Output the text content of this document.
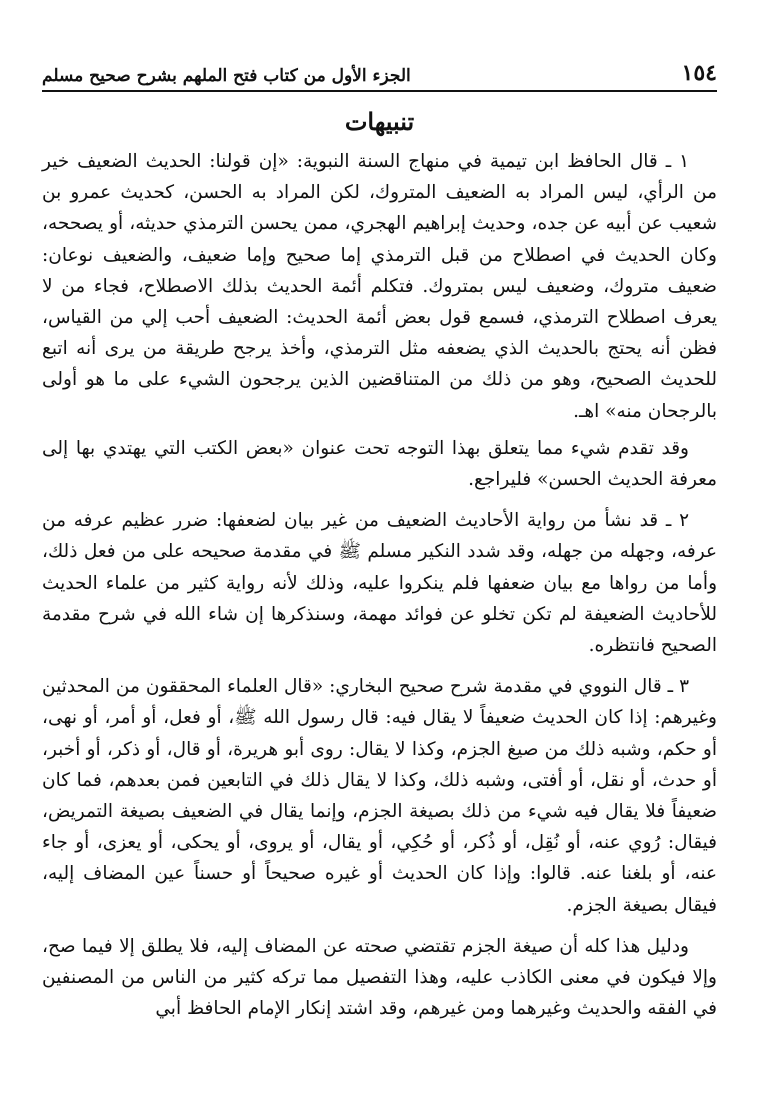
١٥٤
الجزء الأول من كتاب فتح الملهم بشرح صحيح مسلم
تنبيهات

١ ـ قال الحافظ ابن تيمية في منهاج السنة النبوية: «إن قولنا: الحديث الضعيف خير من الرأي، ليس المراد به الضعيف المتروك، لكن المراد به الحسن، كحديث عمرو بن شعيب عن أبيه عن جده، وحديث إبراهيم الهجري، ممن يحسن الترمذي حديثه، أو يصححه، وكان الحديث في اصطلاح من قبل الترمذي إما صحيح وإما ضعيف، والضعيف نوعان: ضعيف متروك، وضعيف ليس بمتروك. فتكلم أئمة الحديث بذلك الاصطلاح، فجاء من لا يعرف اصطلاح الترمذي، فسمع قول بعض أئمة الحديث: الضعيف أحب إلي من القياس، فظن أنه يحتج بالحديث الذي يضعفه مثل الترمذي، وأخذ يرجح طريقة من يرى أنه اتبع للحديث الصحيح، وهو من ذلك من المتناقضين الذين يرجحون الشيء على ما هو أولى بالرجحان منه» اهـ.

وقد تقدم شيء مما يتعلق بهذا التوجه تحت عنوان «بعض الكتب التي يهتدي بها إلى معرفة الحديث الحسن» فليراجع.

٢ ـ قد نشأ من رواية الأحاديث الضعيف من غير بيان لضعفها: ضرر عظيم عرفه من عرفه، وجهله من جهله، وقد شدد النكير مسلم ﷺ في مقدمة صحيحه على من فعل ذلك، وأما من رواها مع بيان ضعفها فلم ينكروا عليه، وذلك لأنه رواية كثير من علماء الحديث للأحاديث الضعيفة لم تكن تخلو عن فوائد مهمة، وسنذكرها إن شاء الله في شرح مقدمة الصحيح فانتظره.

٣ ـ قال النووي في مقدمة شرح صحيح البخاري: «قال العلماء المحققون من المحدثين وغيرهم: إذا كان الحديث ضعيفاً لا يقال فيه: قال رسول الله ﷺ، أو فعل، أو أمر، أو نهى، أو حكم، وشبه ذلك من صيغ الجزم، وكذا لا يقال: روى أبو هريرة، أو قال، أو ذكر، أو أخبر، أو حدث، أو نقل، أو أفتى، وشبه ذلك، وكذا لا يقال ذلك في التابعين فمن بعدهم، فما كان ضعيفاً فلا يقال فيه شيء من ذلك بصيغة الجزم، وإنما يقال في الضعيف بصيغة التمريض، فيقال: رُوي عنه، أو نُقِل، أو ذُكر، أو حُكِي، أو يقال، أو يروى، أو يحكى، أو يعزى، أو جاء عنه، أو بلغنا عنه. قالوا: وإذا كان الحديث أو غيره صحيحاً أو حسناً عين المضاف إليه، فيقال بصيغة الجزم.

ودليل هذا كله أن صيغة الجزم تقتضي صحته عن المضاف إليه، فلا يطلق إلا فيما صح، وإلا فيكون في معنى الكاذب عليه، وهذا التفصيل مما تركه كثير من الناس من المصنفين في الفقه والحديث وغيرهما ومن غيرهم، وقد اشتد إنكار الإمام الحافظ أبي
